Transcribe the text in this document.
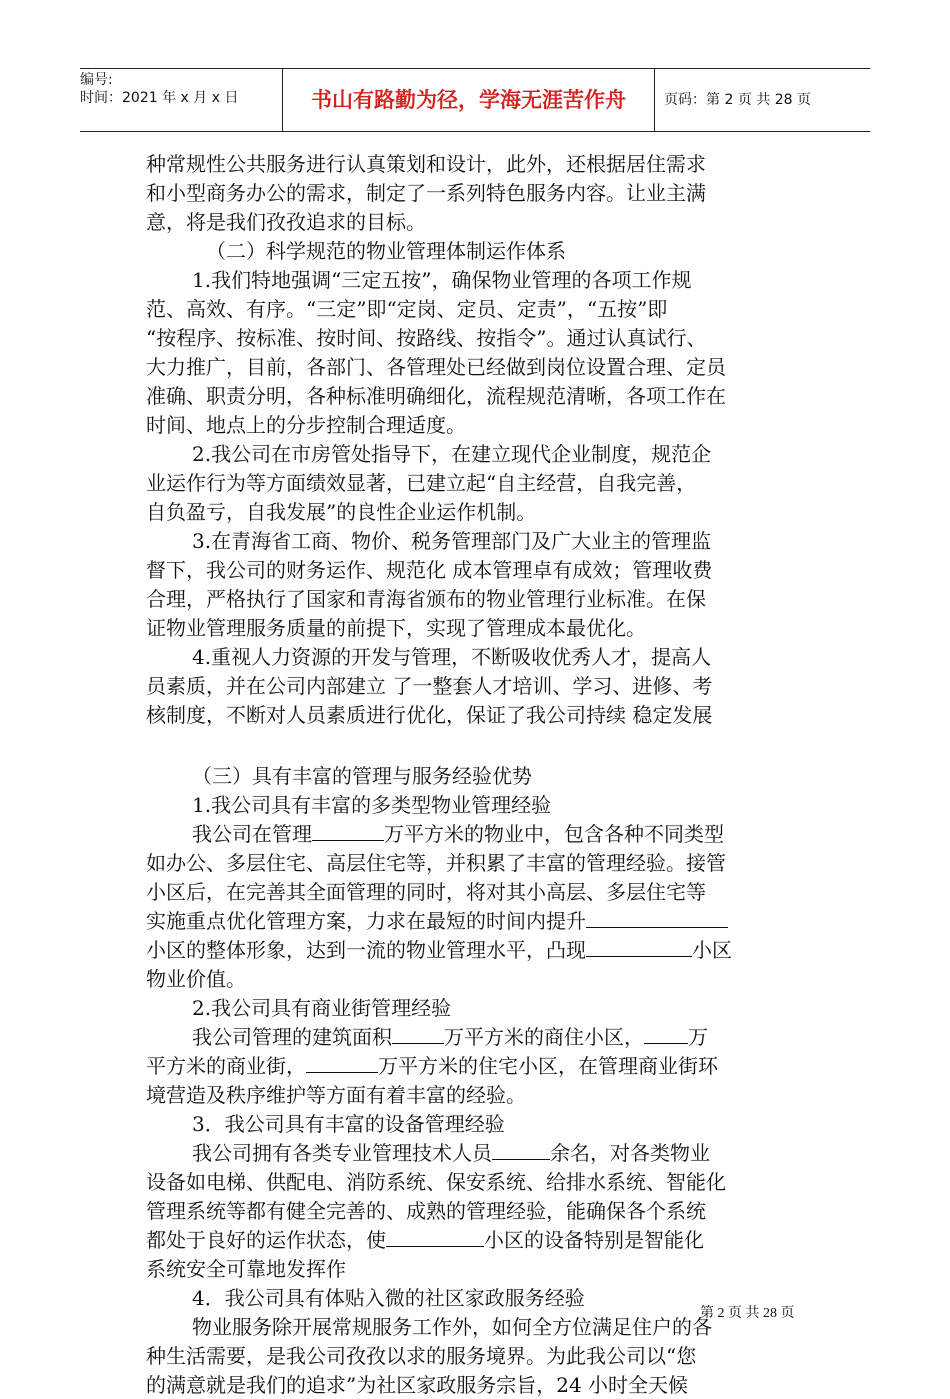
编号:
时间：2021 年 x 月 x 日	书山有路勤为径，学海无涯苦作舟	页码：第 2 页 共 28 页
种常规性公共服务进行认真策划和设计，此外，还根据居住需求
和小型商务办公的需求，制定了一系列特色服务内容。让业主满
意，将是我们孜孜追求的目标。
（二）科学规范的物业管理体制运作体系
1.我们特地强调“三定五按”，确保物业管理的各项工作规
范、高效、有序。“三定”即“定岗、定员、定责”，“五按”即
“按程序、按标准、按时间、按路线、按指令”。通过认真试行、
大力推广，目前，各部门、各管理处已经做到岗位设置合理、定员
准确、职责分明，各种标准明确细化，流程规范清晰，各项工作在
时间、地点上的分步控制合理适度。
2.我公司在市房管处指导下，在建立现代企业制度，规范企
业运作行为等方面绩效显著，已建立起“自主经营，自我完善，
自负盈亏，自我发展”的良性企业运作机制。
3.在青海省工商、物价、税务管理部门及广大业主的管理监
督下，我公司的财务运作、规范化 成本管理卓有成效；管理收费
合理，严格执行了国家和青海省颁布的物业管理行业标准。在保
证物业管理服务质量的前提下，实现了管理成本最优化。
4.重视人力资源的开发与管理，不断吸收优秀人才，提高人
员素质，并在公司内部建立 了一整套人才培训、学习、进修、考
核制度，不断对人员素质进行优化，保证了我公司持续 稳定发展
（三）具有丰富的管理与服务经验优势
1.我公司具有丰富的多类型物业管理经验
我公司在管理	万平方米的物业中，包含各种不同类型
如办公、多层住宅、高层住宅等，并积累了丰富的管理经验。接管
小区后，在完善其全面管理的同时，将对其小高层、多层住宅等
实施重点优化管理方案，力求在最短的时间内提升
小区的整体形象，达到一流的物业管理水平，凸现	小区
物业价值。
2.我公司具有商业街管理经验
我公司管理的建筑面积	万平方米的商住小区， 万
平方米的商业街，	万平方米的住宅小区，在管理商业街环
境营造及秩序维护等方面有着丰富的经验。
3．我公司具有丰富的设备管理经验
我公司拥有各类专业管理技术人员	余名，对各类物业
设备如电梯、供配电、消防系统、保安系统、给排水系统、智能化
管理系统等都有健全完善的、成熟的管理经验，能确保各个系统
都处于良好的运作状态，使	小区的设备特别是智能化
系统安全可靠地发挥作
4．我公司具有体贴入微的社区家政服务经验
物业服务除开展常规服务工作外，如何全方位满足住户的各
种生活需要，是我公司孜孜以求的服务境界。为此我公司以“您
的满意就是我们的追求”为社区家政服务宗旨，24 小时全天候
第 2 页 共 28 页
